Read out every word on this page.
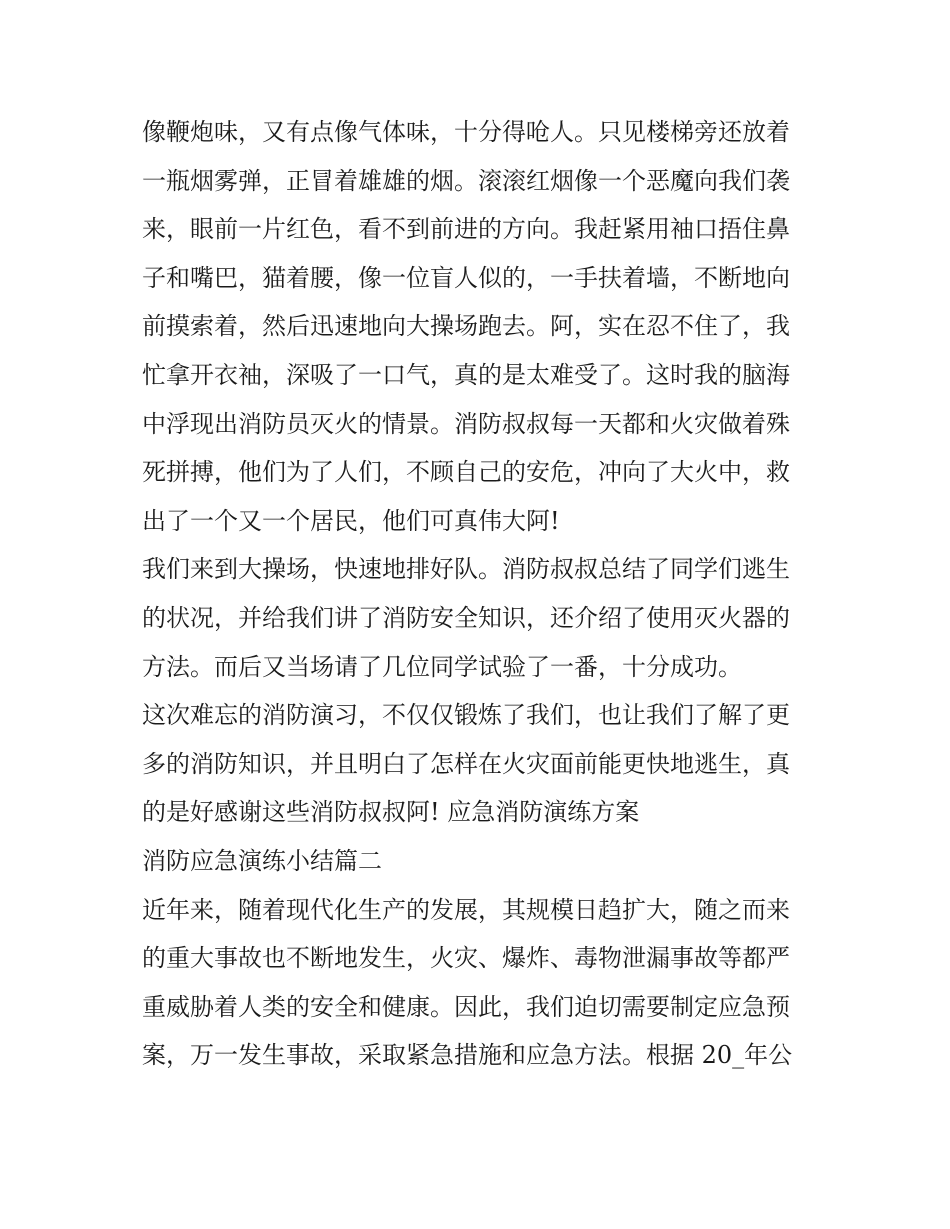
像鞭炮味，又有点像气体味，十分得呛人。只见楼梯旁还放着
一瓶烟雾弹，正冒着雄雄的烟。滚滚红烟像一个恶魔向我们袭
来，眼前一片红色，看不到前进的方向。我赶紧用袖口捂住鼻
子和嘴巴，猫着腰，像一位盲人似的，一手扶着墙，不断地向
前摸索着，然后迅速地向大操场跑去。阿，实在忍不住了，我
忙拿开衣袖，深吸了一口气，真的是太难受了。这时我的脑海
中浮现出消防员灭火的情景。消防叔叔每一天都和火灾做着殊
死拼搏，他们为了人们，不顾自己的安危，冲向了大火中，救
出了一个又一个居民，他们可真伟大阿!
我们来到大操场，快速地排好队。消防叔叔总结了同学们逃生
的状况，并给我们讲了消防安全知识，还介绍了使用灭火器的
方法。而后又当场请了几位同学试验了一番，十分成功。
这次难忘的消防演习，不仅仅锻炼了我们，也让我们了解了更
多的消防知识，并且明白了怎样在火灾面前能更快地逃生，真
的是好感谢这些消防叔叔阿! 应急消防演练方案
消防应急演练小结篇二
近年来，随着现代化生产的发展，其规模日趋扩大，随之而来
的重大事故也不断地发生，火灾、爆炸、毒物泄漏事故等都严
重威胁着人类的安全和健康。因此，我们迫切需要制定应急预
案，万一发生事故，采取紧急措施和应急方法。根据 20_年公
